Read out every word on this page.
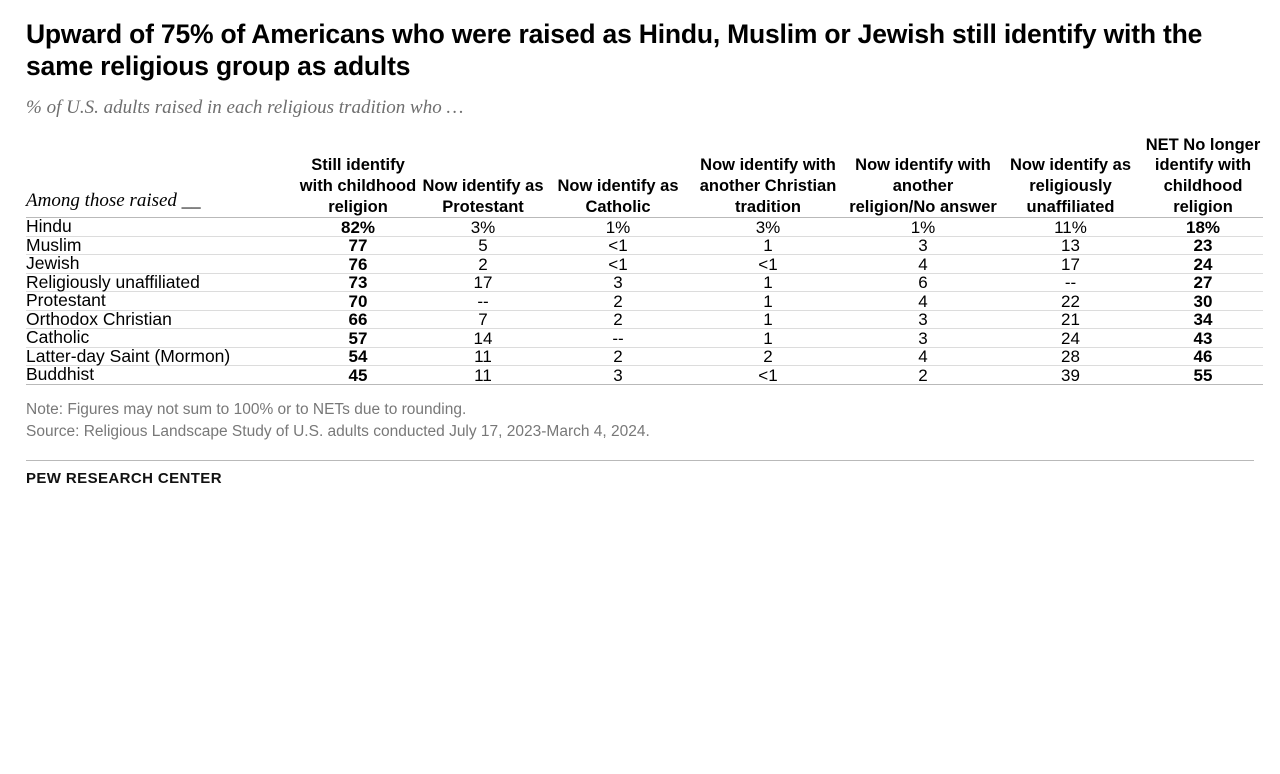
Upward of 75% of Americans who were raised as Hindu, Muslim or Jewish still identify with the same religious group as adults
% of U.S. adults raised in each religious tradition who …
Among those raised __	Still identify with childhood religion	Now identify as Protestant	Now identify as Catholic	Now identify with another Christian tradition	Now identify with another religion/No answer	Now identify as religiously unaffiliated	NET No longer identify with childhood religion
Hindu	82%	3%	1%	3%	1%	11%	18%
Muslim	77	5	<1	1	3	13	23
Jewish	76	2	<1	<1	4	17	24
Religiously unaffiliated	73	17	3	1	6	--	27
Protestant	70	--	2	1	4	22	30
Orthodox Christian	66	7	2	1	3	21	34
Catholic	57	14	--	1	3	24	43
Latter-day Saint (Mormon)	54	11	2	2	4	28	46
Buddhist	45	11	3	<1	2	39	55
Note: Figures may not sum to 100% or to NETs due to rounding.
Source: Religious Landscape Study of U.S. adults conducted July 17, 2023-March 4, 2024.
PEW RESEARCH CENTER
